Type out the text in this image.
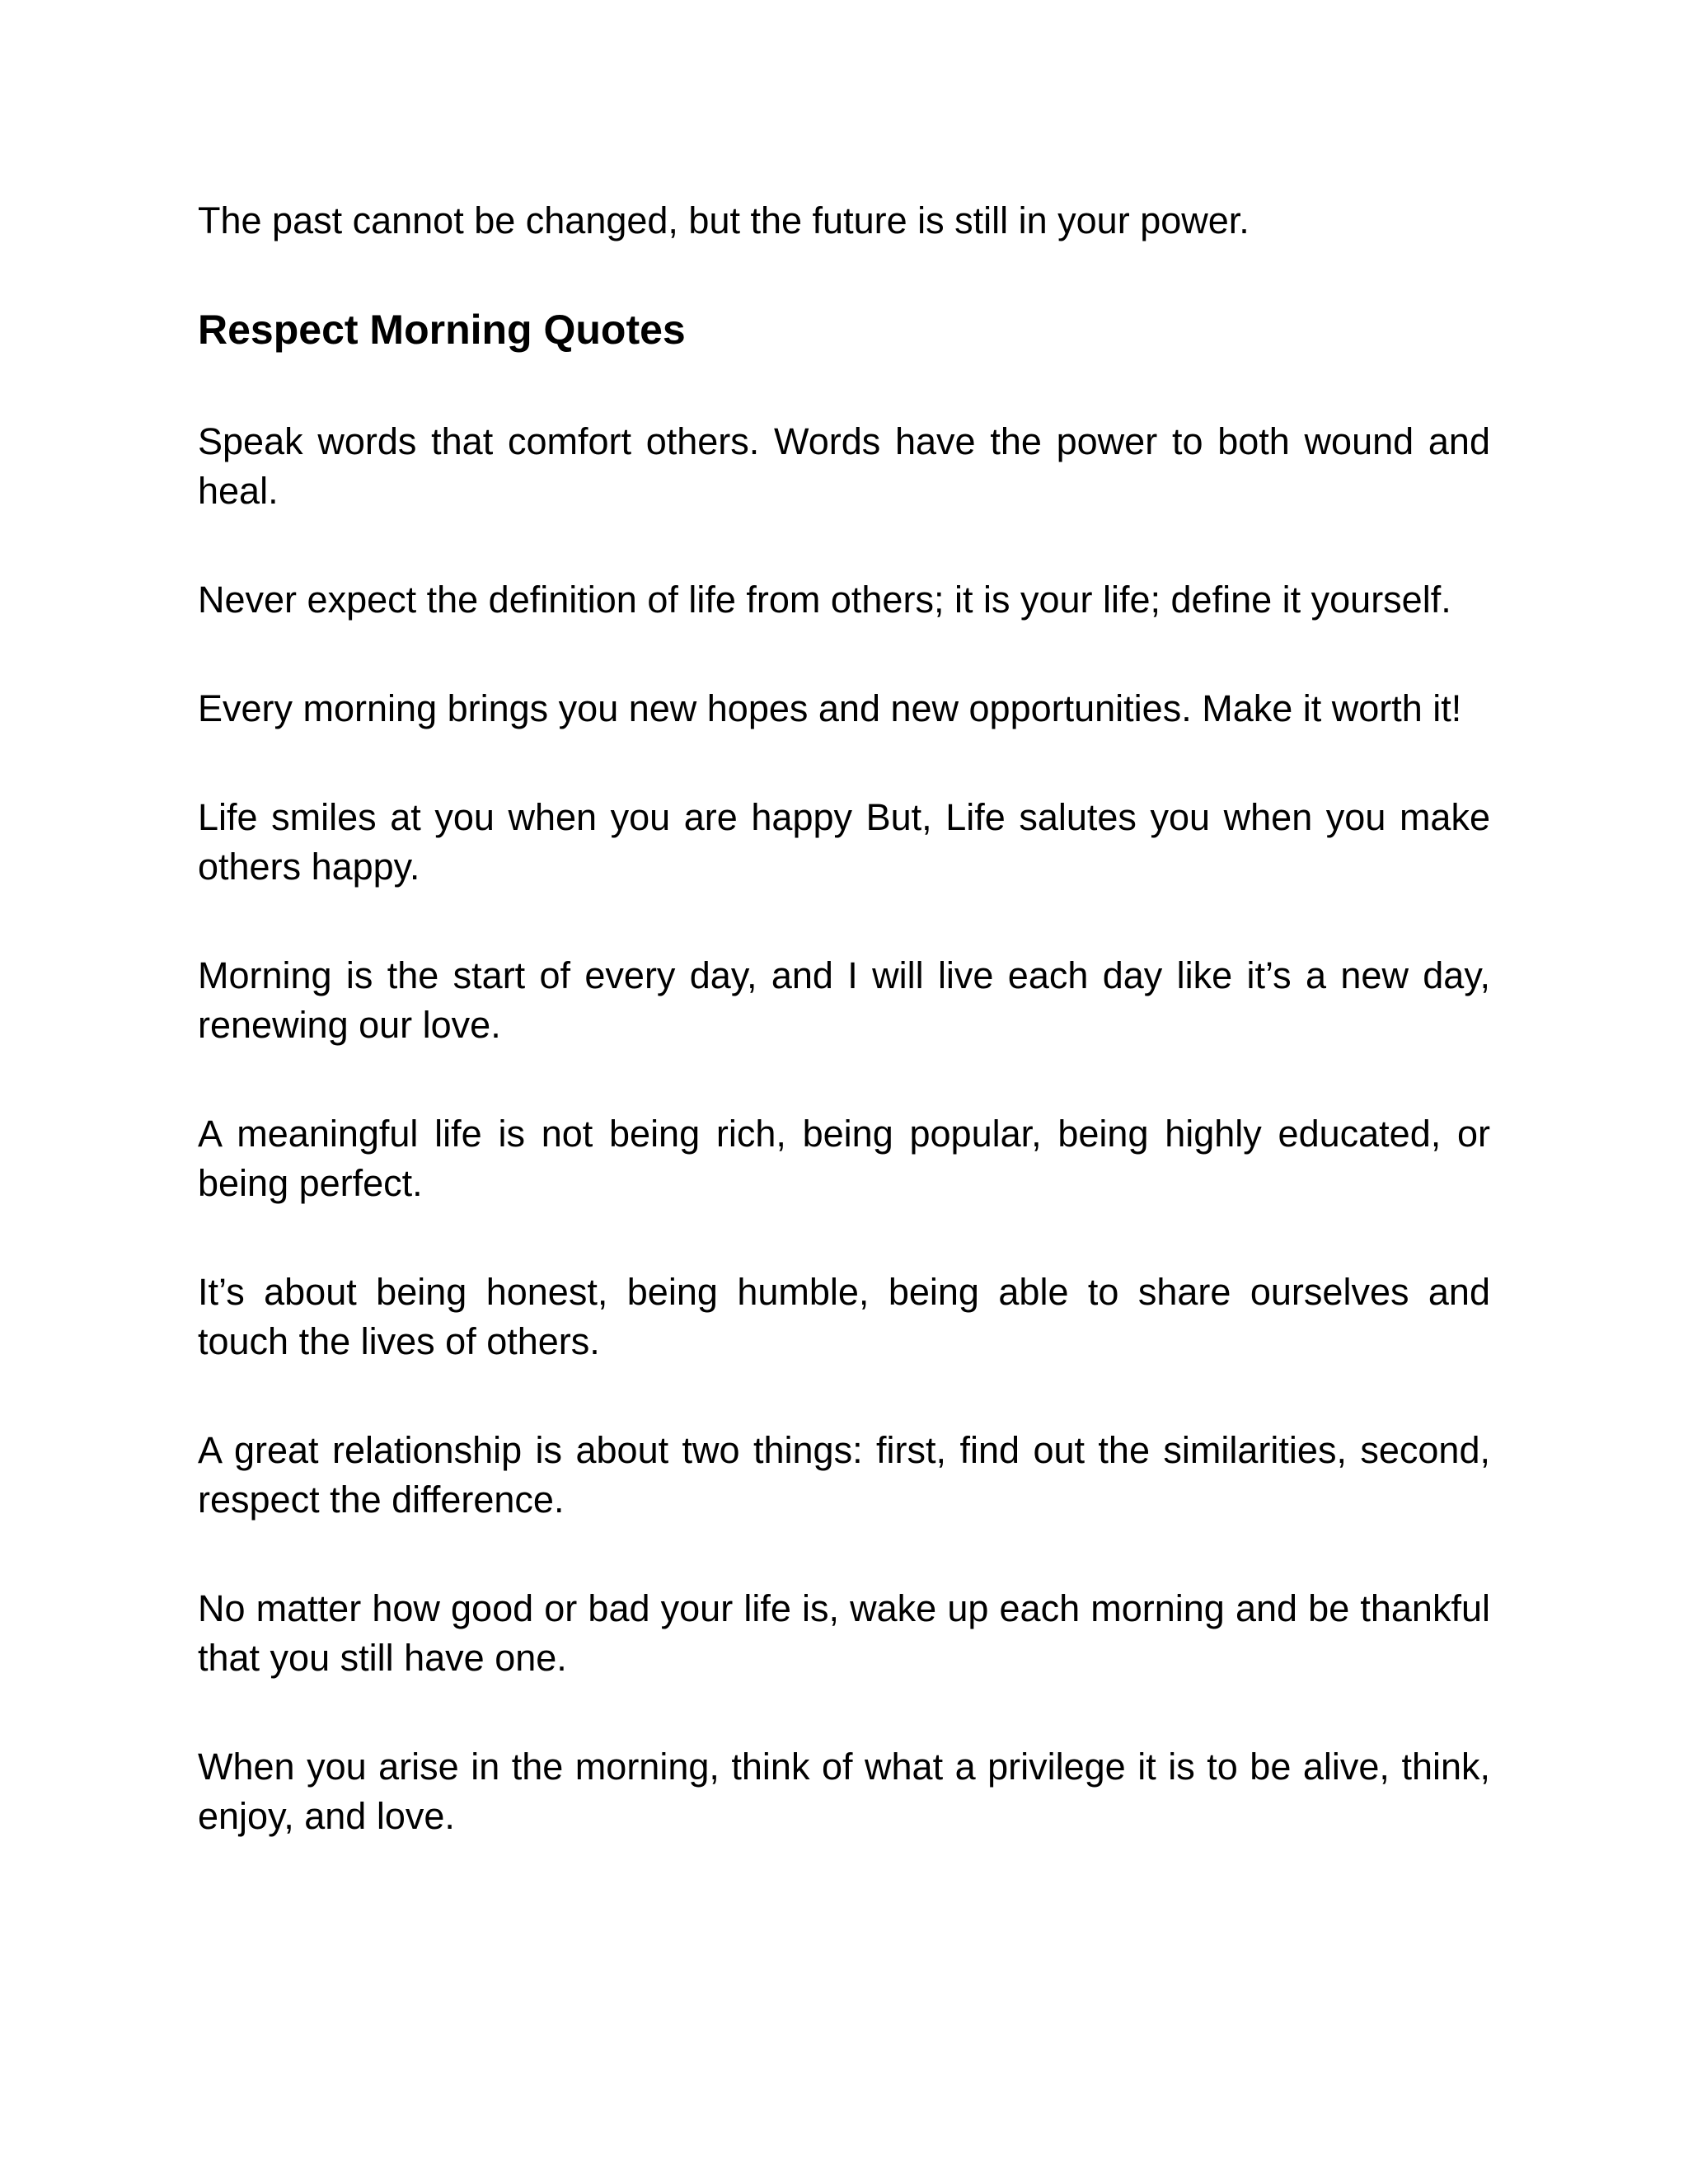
The past cannot be changed, but the future is still in your power.

Respect Morning Quotes

Speak words that comfort others. Words have the power to both wound and heal.

Never expect the definition of life from others; it is your life; define it yourself.

Every morning brings you new hopes and new opportunities. Make it worth it!

Life smiles at you when you are happy But, Life salutes you when you make others happy.

Morning is the start of every day, and I will live each day like it’s a new day, renewing our love.

A meaningful life is not being rich, being popular, being highly educated, or being perfect.

It’s about being honest, being humble, being able to share ourselves and touch the lives of others.

A great relationship is about two things: first, find out the similarities, second, respect the difference.

No matter how good or bad your life is, wake up each morning and be thankful that you still have one.

When you arise in the morning, think of what a privilege it is to be alive, think, enjoy, and love.
